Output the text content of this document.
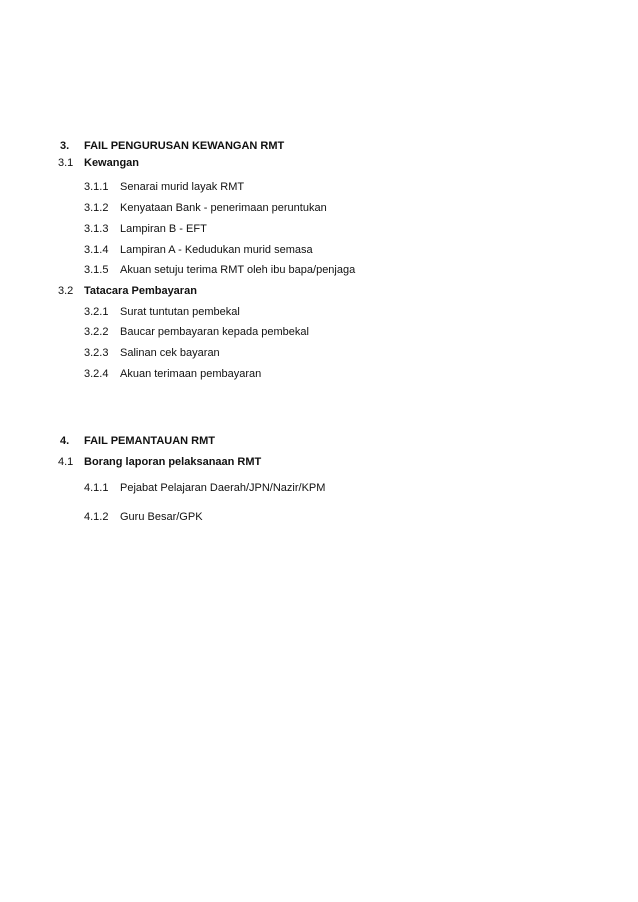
3. FAIL PENGURUSAN KEWANGAN RMT
3.1 Kewangan
3.1.1 Senarai murid layak RMT
3.1.2 Kenyataan Bank - penerimaan peruntukan
3.1.3 Lampiran B - EFT
3.1.4 Lampiran A - Kedudukan murid semasa
3.1.5 Akuan setuju terima RMT oleh ibu bapa/penjaga
3.2 Tatacara Pembayaran
3.2.1 Surat tuntutan pembekal
3.2.2 Baucar pembayaran kepada pembekal
3.2.3 Salinan cek bayaran
3.2.4 Akuan terimaan pembayaran
4. FAIL PEMANTAUAN RMT
4.1 Borang laporan pelaksanaan RMT
4.1.1 Pejabat Pelajaran Daerah/JPN/Nazir/KPM
4.1.2 Guru Besar/GPK
